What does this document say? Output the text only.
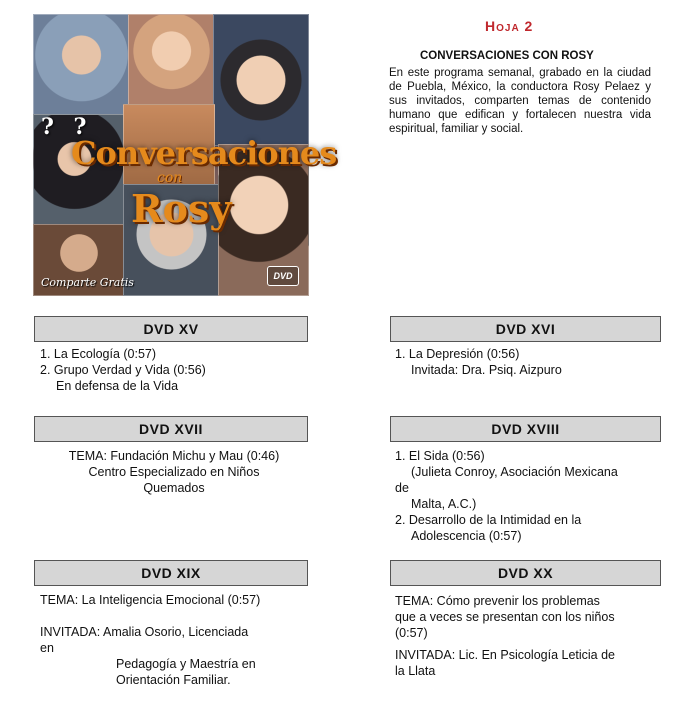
? ?
Conversaciones
con
Rosy
Comparte Gratis	DVD
Hoja 2
CONVERSACIONES CON ROSY
En este programa semanal, grabado en la ciudad de Puebla, México, la conductora Rosy Pelaez y sus invitados, comparten temas de contenido humano que edifican y fortalecen nuestra vida espiritual, familiar y social.
DVD XV
1. La Ecología (0:57)
2. Grupo Verdad y Vida (0:56)
En defensa de la Vida
DVD XVI
1. La Depresión (0:56)
Invitada: Dra. Psiq. Aizpuro
DVD XVII
TEMA: Fundación Michu y Mau (0:46)
Centro Especializado en Niños
Quemados
DVD XVIII
1. El Sida (0:56)
(Julieta Conroy, Asociación Mexicana
de
Malta, A.C.)
2. Desarrollo de la Intimidad en la
Adolescencia (0:57)
DVD XIX
TEMA: La Inteligencia Emocional (0:57)
INVITADA: Amalia Osorio, Licenciada
en
Pedagogía y Maestría en
Orientación Familiar.
DVD XX
TEMA: Cómo prevenir los problemas
que a veces se presentan con los niños
(0:57)
INVITADA: Lic. En Psicología Leticia de
la Llata
